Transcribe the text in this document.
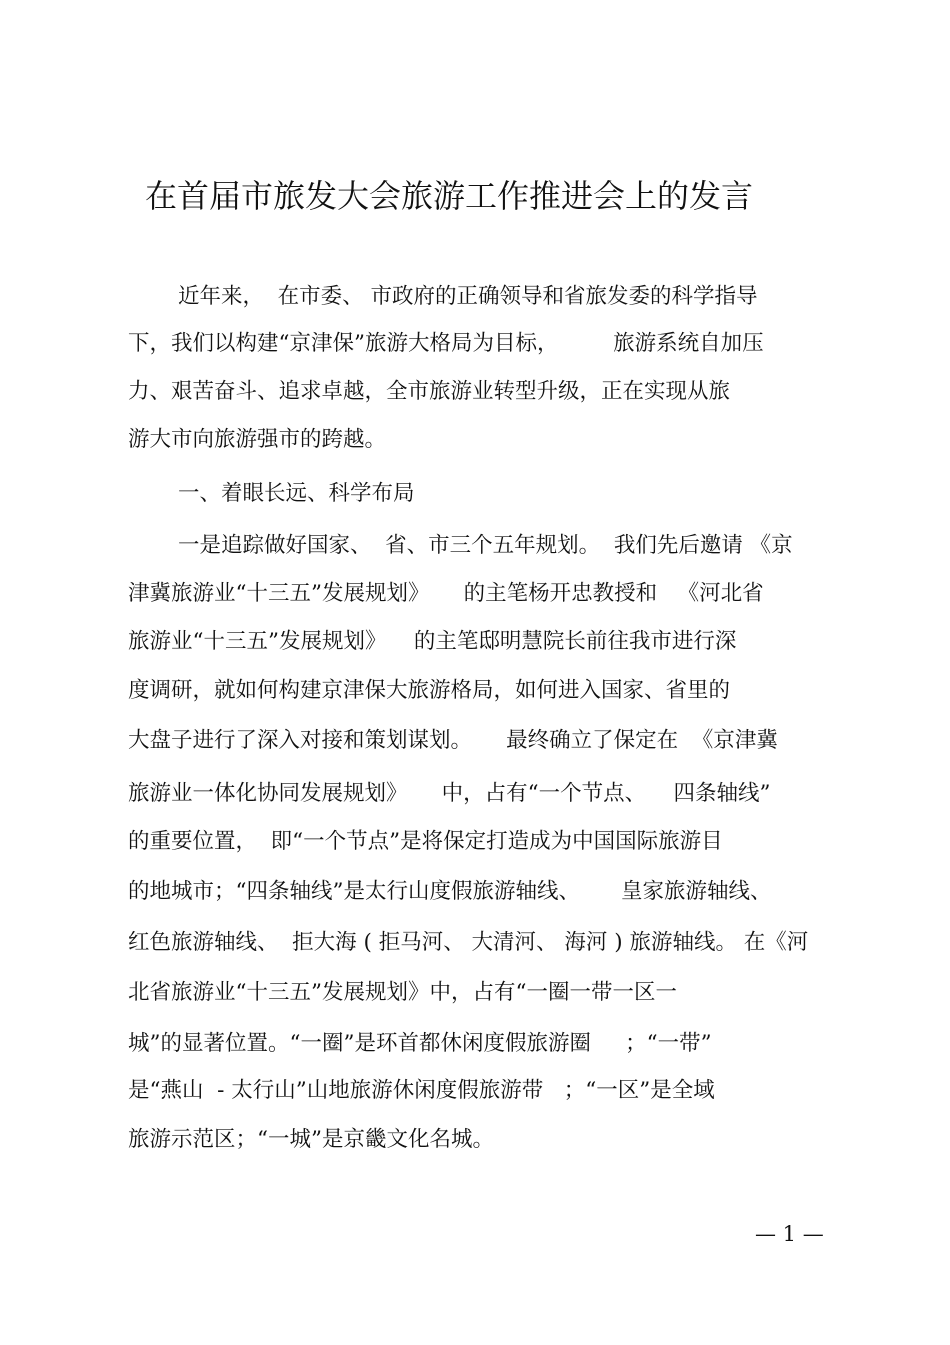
在首届市旅发大会旅游工作推进会上的发言
近年来，  在市委、 市政府的正确领导和省旅发委的科学指导
下，我们以构建“京津保”旅游大格局为目标，        旅游系统自加压
力、艰苦奋斗、追求卓越，全市旅游业转型升级，正在实现从旅
游大市向旅游强市的跨越。
一、着眼长远、科学布局
一是追踪做好国家、  省、市三个五年规划。  我们先后邀请 《京
津冀旅游业“十三五”发展规划》     的主笔杨开忠教授和   《河北省
旅游业“十三五”发展规划》    的主笔邸明慧院长前往我市进行深
度调研，就如何构建京津保大旅游格局，如何进入国家、省里的
大盘子进行了深入对接和策划谋划。     最终确立了保定在  《京津冀
旅游业一体化协同发展规划》     中，占有“一个节点、    四条轴线”
的重要位置，  即“一个节点”是将保定打造成为中国国际旅游目
的地城市；“四条轴线”是太行山度假旅游轴线、      皇家旅游轴线、
红色旅游轴线、  拒大海 ( 拒马河、 大清河、 海河 ) 旅游轴线。 在《河
北省旅游业“十三五”发展规划》中，占有“一圈一带一区一
城”的显著位置。“一圈”是环首都休闲度假旅游圈     ；“一带”
是“燕山  - 太行山”山地旅游休闲度假旅游带   ；“一区”是全域
旅游示范区；“一城”是京畿文化名城。
— 1 —
